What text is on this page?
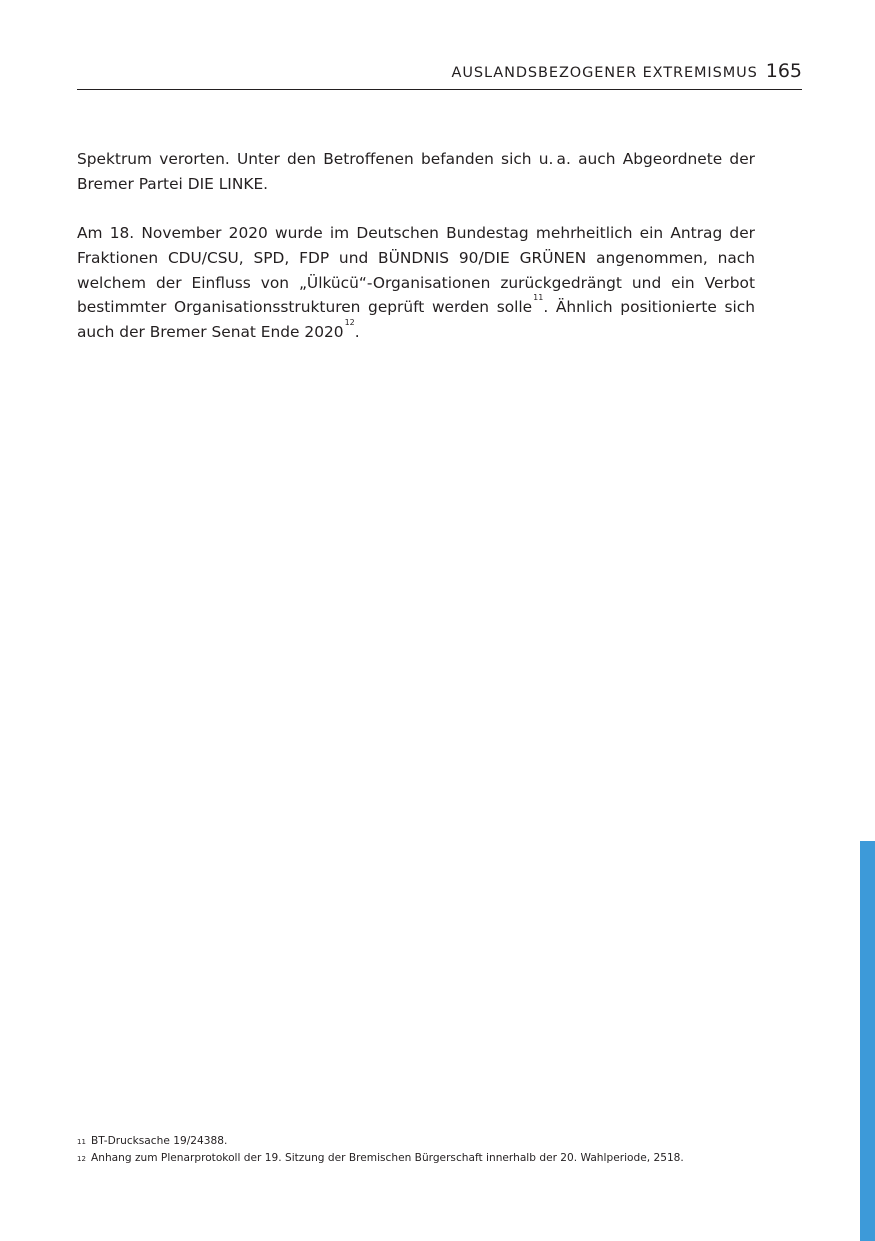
AUSLANDSBEZOGENER EXTREMISMUS 165

Spektrum verorten. Unter den Betroffenen befanden sich u. a. auch Abgeordnete der Bremer Partei DIE LINKE.

Am 18. November 2020 wurde im Deutschen Bundestag mehrheitlich ein Antrag der Fraktionen CDU/CSU, SPD, FDP und BÜNDNIS 90/DIE GRÜNEN angenommen, nach welchem der Einfluss von „Ülkücü“-Organisationen zurückgedrängt und ein Verbot bestimmter Organisationsstrukturen geprüft werden solle$^{11}$. Ähnlich positionierte sich auch der Bremer Senat Ende 2020$^{12}$.

11 BT-Drucksache 19/24388.
12 Anhang zum Plenarprotokoll der 19. Sitzung der Bremischen Bürgerschaft innerhalb der 20. Wahlperiode, 2518.
